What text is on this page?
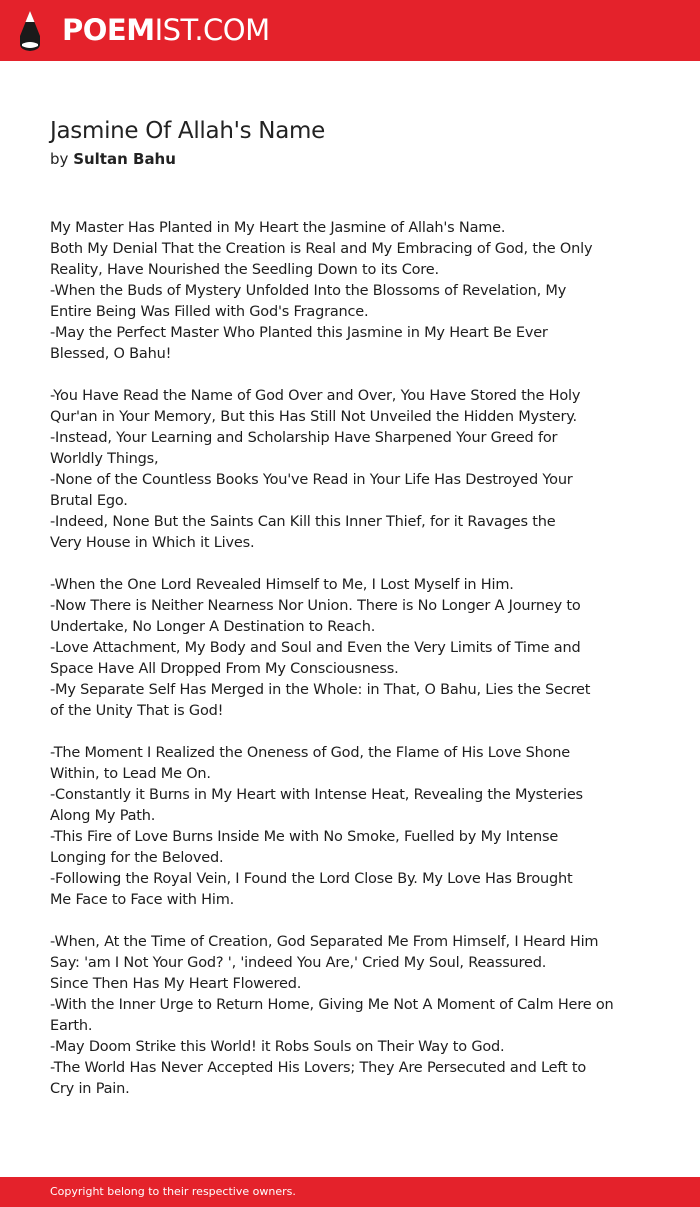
POEMIST.COM
Jasmine Of Allah's Name
by Sultan Bahu

My Master Has Planted in My Heart the Jasmine of Allah's Name.
Both My Denial That the Creation is Real and My Embracing of God, the Only
Reality, Have Nourished the Seedling Down to its Core.
-When the Buds of Mystery Unfolded Into the Blossoms of Revelation, My
Entire Being Was Filled with God's Fragrance.
-May the Perfect Master Who Planted this Jasmine in My Heart Be Ever
Blessed, O Bahu!

-You Have Read the Name of God Over and Over, You Have Stored the Holy
Qur'an in Your Memory, But this Has Still Not Unveiled the Hidden Mystery.
-Instead, Your Learning and Scholarship Have Sharpened Your Greed for
Worldly Things,
-None of the Countless Books You've Read in Your Life Has Destroyed Your
Brutal Ego.
-Indeed, None But the Saints Can Kill this Inner Thief, for it Ravages the
Very House in Which it Lives.

-When the One Lord Revealed Himself to Me, I Lost Myself in Him.
-Now There is Neither Nearness Nor Union. There is No Longer A Journey to
Undertake, No Longer A Destination to Reach.
-Love Attachment, My Body and Soul and Even the Very Limits of Time and
Space Have All Dropped From My Consciousness.
-My Separate Self Has Merged in the Whole: in That, O Bahu, Lies the Secret
of the Unity That is God!

-The Moment I Realized the Oneness of God, the Flame of His Love Shone
Within, to Lead Me On.
-Constantly it Burns in My Heart with Intense Heat, Revealing the Mysteries
Along My Path.
-This Fire of Love Burns Inside Me with No Smoke, Fuelled by My Intense
Longing for the Beloved.
-Following the Royal Vein, I Found the Lord Close By. My Love Has Brought
Me Face to Face with Him.

-When, At the Time of Creation, God Separated Me From Himself, I Heard Him
Say: 'am I Not Your God? ', 'indeed You Are,' Cried My Soul, Reassured.
Since Then Has My Heart Flowered.
-With the Inner Urge to Return Home, Giving Me Not A Moment of Calm Here on
Earth.
-May Doom Strike this World! it Robs Souls on Their Way to God.
-The World Has Never Accepted His Lovers; They Are Persecuted and Left to
Cry in Pain.

Copyright belong to their respective owners.
